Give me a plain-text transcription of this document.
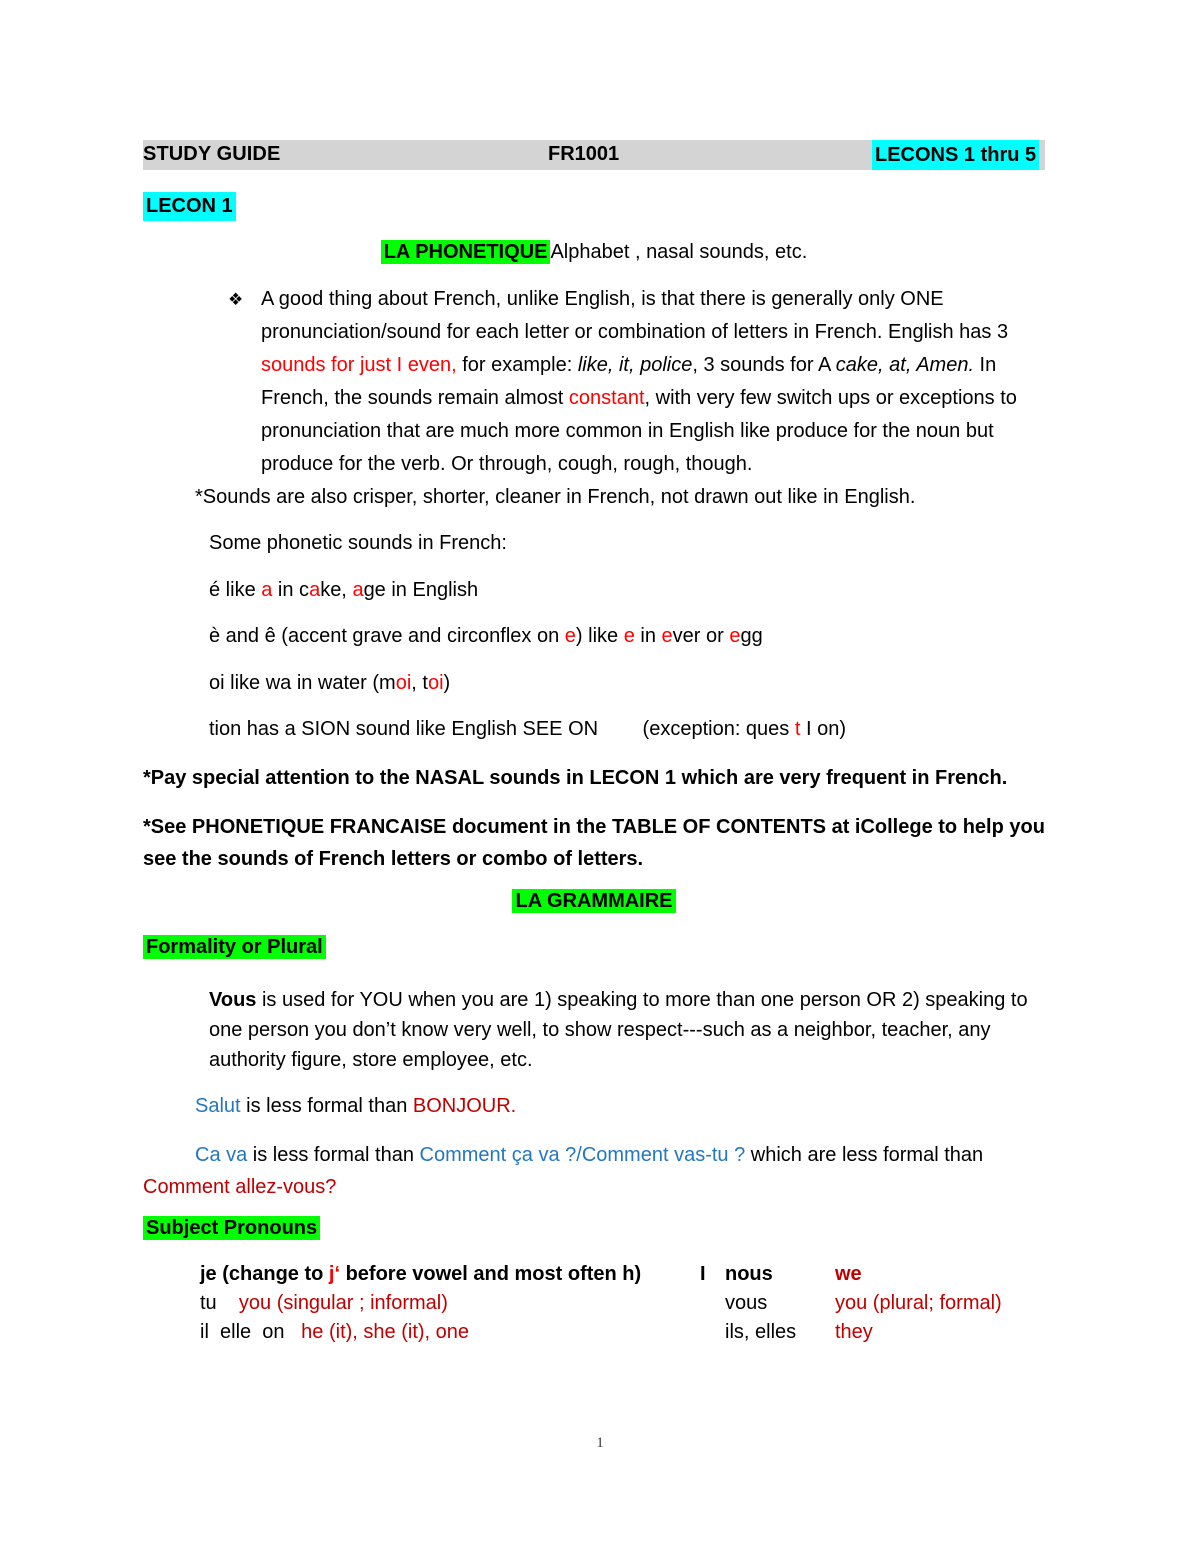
STUDY GUIDE	FR1001	LECONS 1 thru 5
LECON 1
LA PHONETIQUE Alphabet , nasal sounds, etc.
❖ A good thing about French, unlike English, is that there is generally only ONE pronunciation/sound for each letter or combination of letters in French. English has 3 sounds for just I even, for example: like, it, police, 3 sounds for A cake, at, Amen. In French, the sounds remain almost constant, with very few switch ups or exceptions to pronunciation that are much more common in English like produce for the noun but produce for the verb. Or through, cough, rough, though.
*Sounds are also crisper, shorter, cleaner in French, not drawn out like in English.
Some phonetic sounds in French:
é like a in cake, age in English
è and ê (accent grave and circonflex on e) like e in ever or egg
oi like wa in water (moi, toi)
tion has a SION sound like English SEE ON (exception: ques t I on)
*Pay special attention to the NASAL sounds in LECON 1 which are very frequent in French.
*See PHONETIQUE FRANCAISE document in the TABLE OF CONTENTS at iCollege to help you see the sounds of French letters or combo of letters.
LA GRAMMAIRE
Formality or Plural
Vous is used for YOU when you are 1) speaking to more than one person OR 2) speaking to one person you don’t know very well, to show respect---such as a neighbor, teacher, any authority figure, store employee, etc.
Salut is less formal than BONJOUR.
Ca va is less formal than Comment ça va ?/Comment vas-tu ? which are less formal than Comment allez-vous?
Subject Pronouns
je (change to j‘ before vowel and most often h)	I nous	we
tu    you (singular ; informal)	vous	you (plural; formal)
il  elle  on   he (it), she (it), one	ils, elles they
1
